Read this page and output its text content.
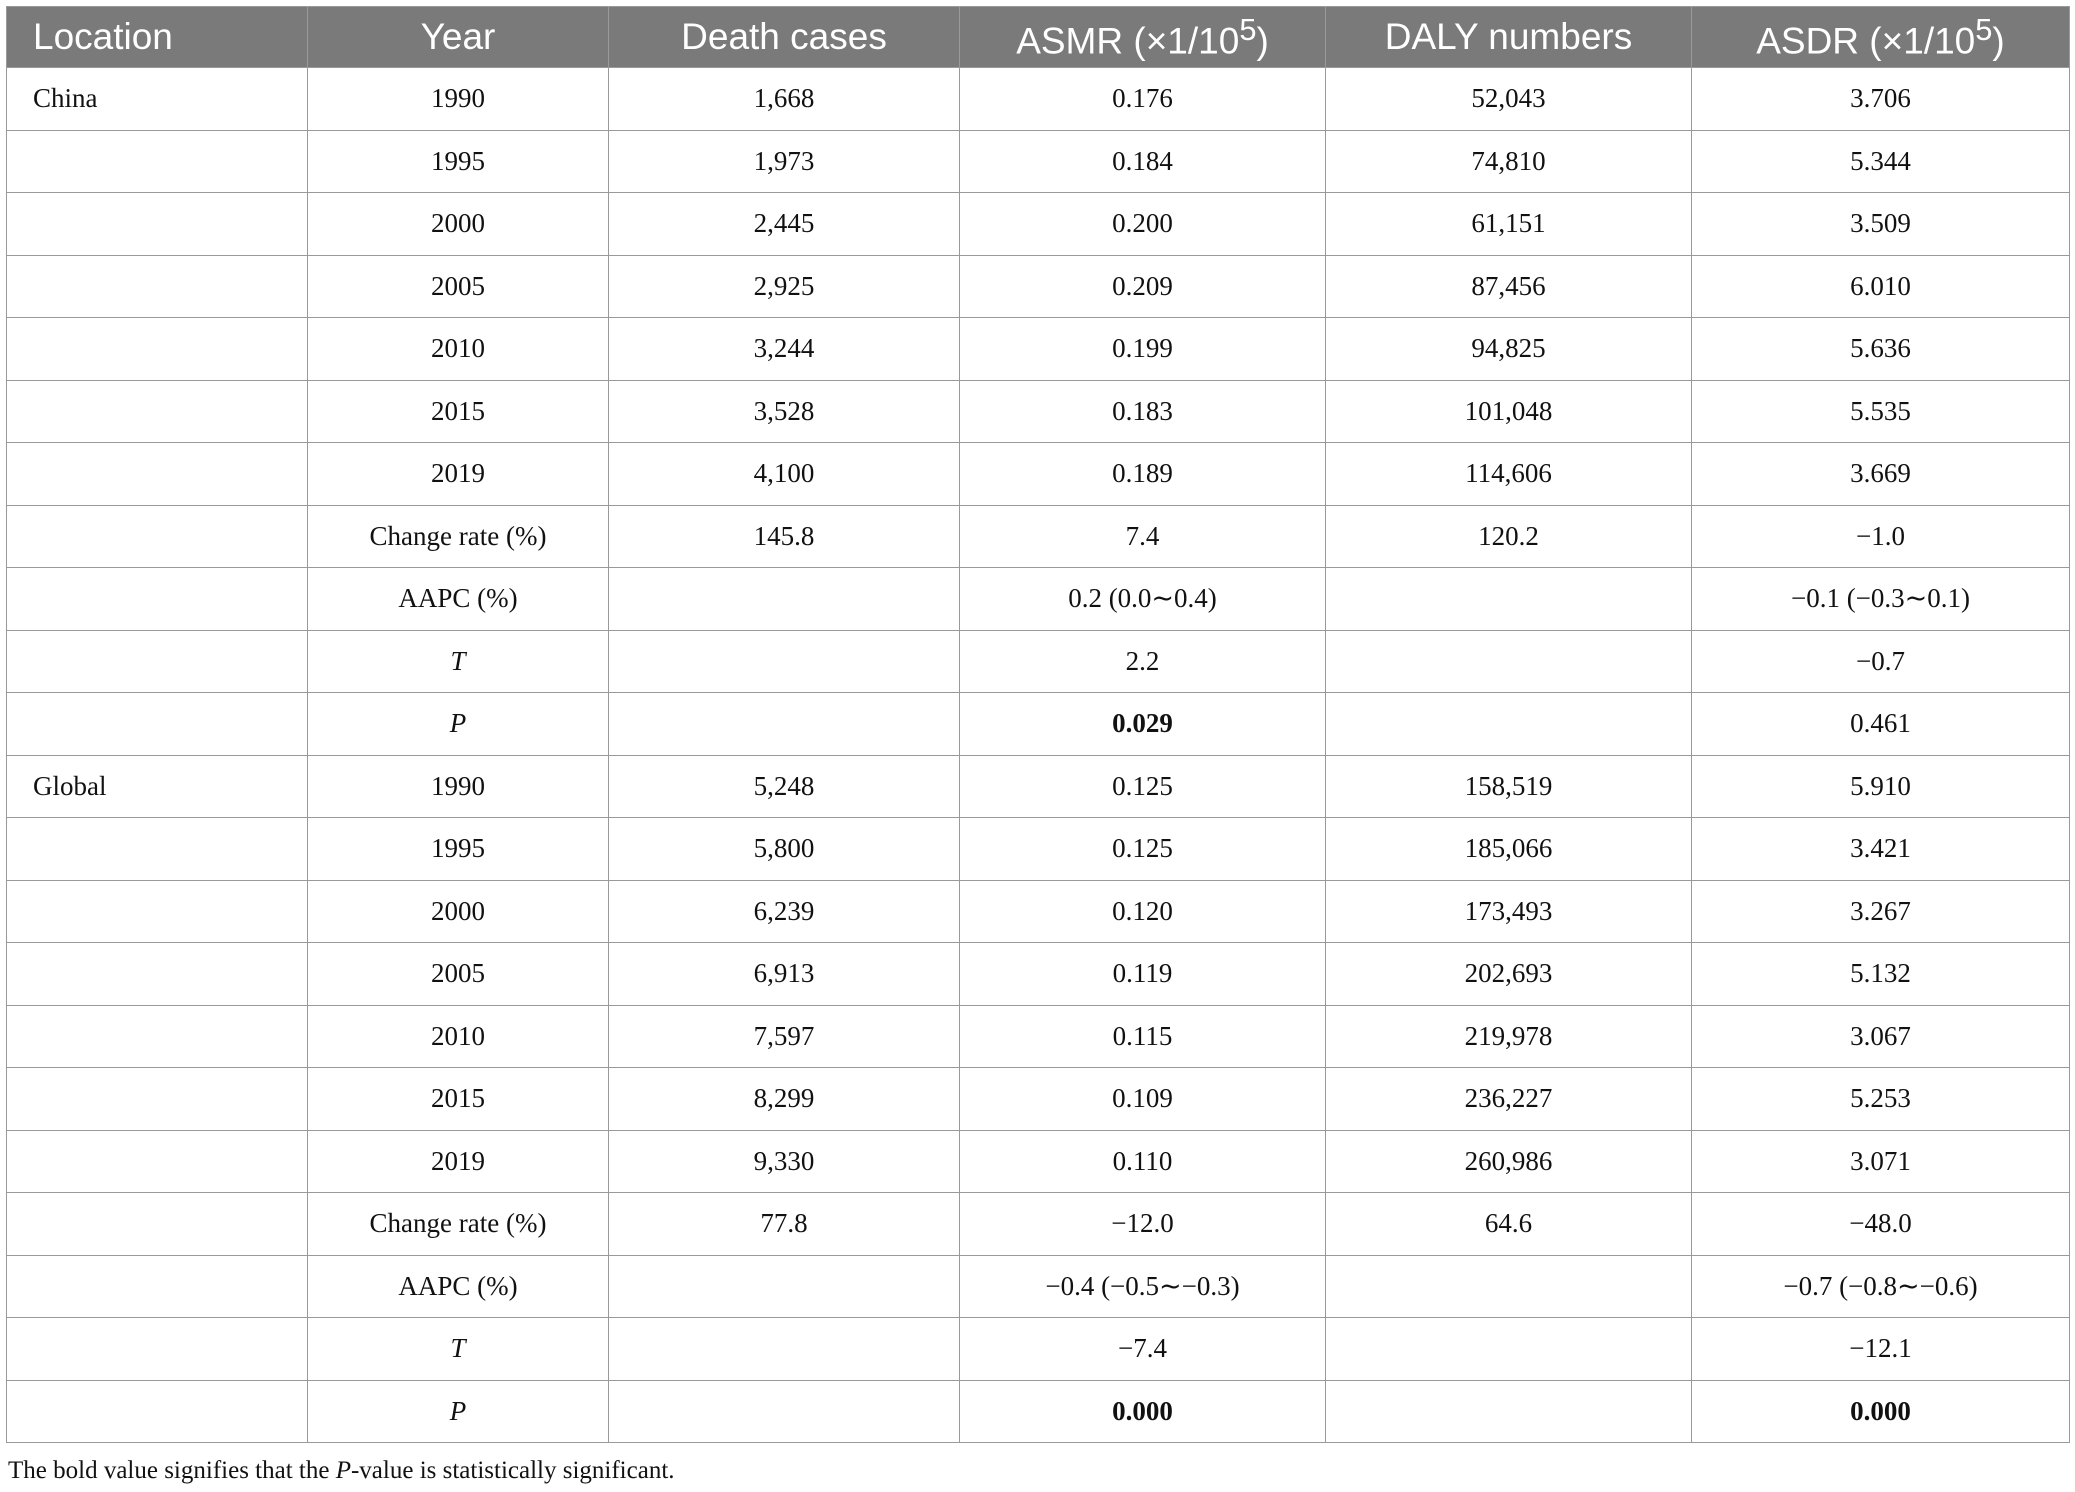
Location	Year	Death cases	ASMR $(\times 1/10^5)$	DALY numbers	ASDR $(\times 1/10^5)$
China	1990	1,668	0.176	52,043	3.706
	1995	1,973	0.184	74,810	5.344
	2000	2,445	0.200	61,151	3.509
	2005	2,925	0.209	87,456	6.010
	2010	3,244	0.199	94,825	5.636
	2015	3,528	0.183	101,048	5.535
	2019	4,100	0.189	114,606	3.669
	Change rate (%)	145.8	7.4	120.2	−1.0
	AAPC (%)		0.2 (0.0∼0.4)		−0.1 (−0.3∼0.1)
	T		2.2		−0.7
	P		0.029		0.461
Global	1990	5,248	0.125	158,519	5.910
	1995	5,800	0.125	185,066	3.421
	2000	6,239	0.120	173,493	3.267
	2005	6,913	0.119	202,693	5.132
	2010	7,597	0.115	219,978	3.067
	2015	8,299	0.109	236,227	5.253
	2019	9,330	0.110	260,986	3.071
	Change rate (%)	77.8	−12.0	64.6	−48.0
	AAPC (%)		−0.4 (−0.5∼−0.3)		−0.7 (−0.8∼−0.6)
	T		−7.4		−12.1
	P		0.000		0.000
The bold value signifies that the P-value is statistically significant.
